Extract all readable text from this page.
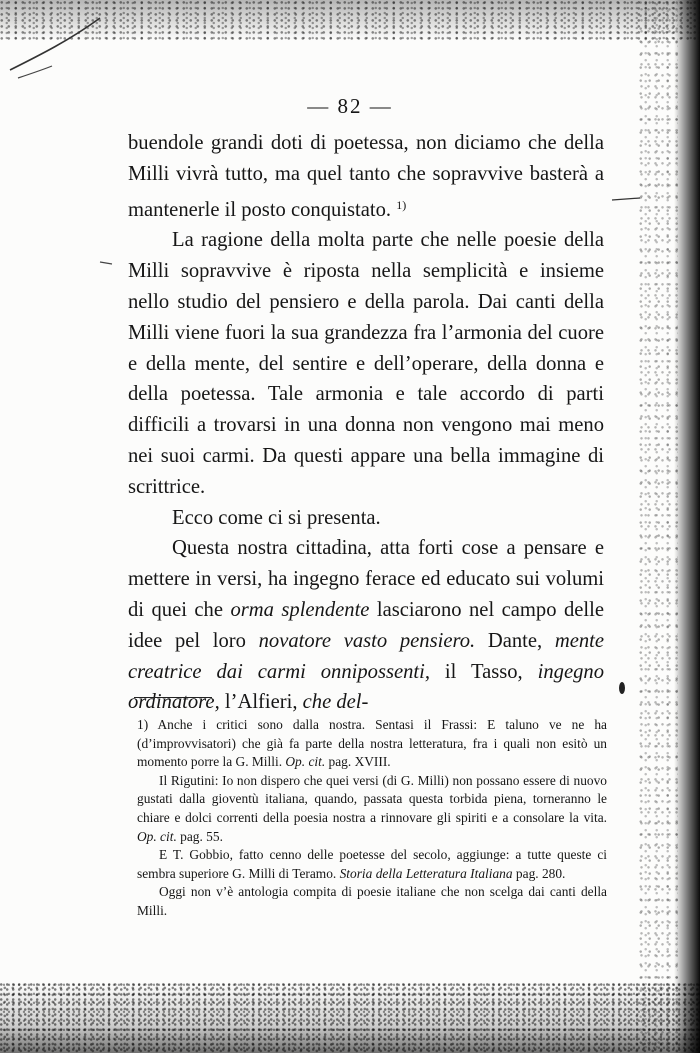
— 82 —

buendole grandi doti di poetessa, non diciamo che della Milli vivrà tutto, ma quel tanto che sopravvive basterà a mantenerle il posto conquistato. $^{1)}$

La ragione della molta parte che nelle poesie della Milli sopravvive è riposta nella semplicità e insieme nello studio del pensiero e della parola. Dai canti della Milli viene fuori la sua grandezza fra l’armonia del cuore e della mente, del sentire e dell’operare, della donna e della poetessa. Tale armonia e tale accordo di parti difficili a trovarsi in una donna non vengono mai meno nei suoi carmi. Da questi appare una bella immagine di scrittrice.

Ecco come ci si presenta.

Questa nostra cittadina, atta forti cose a pensare e mettere in versi, ha ingegno ferace ed educato sui volumi di quei che orma splendente lasciarono nel campo delle idee pel loro novatore vasto pensiero. Dante, mente creatrice dai carmi onnipossenti, il Tasso, ingegno ordinatore, l’Alfieri, che del-

1) Anche i critici sono dalla nostra. Sentasi il Frassi: E taluno ve ne ha (d’improvvisatori) che già fa parte della nostra letteratura, fra i quali non esitò un momento porre la G. Milli. Op. cit. pag. XVIII.

Il Rigutini: Io non dispero che quei versi (di G. Milli) non possano essere di nuovo gustati dalla gioventù italiana, quando, passata questa torbida piena, torneranno le chiare e dolci correnti della poesia nostra a rinnovare gli spiriti e a consolare la vita. Op. cit. pag. 55.

E T. Gobbio, fatto cenno delle poetesse del secolo, aggiunge: a tutte queste ci sembra superiore G. Milli di Teramo. Storia della Letteratura Italiana pag. 280.

Oggi non v’è antologia compita di poesie italiane che non scelga dai canti della Milli.
